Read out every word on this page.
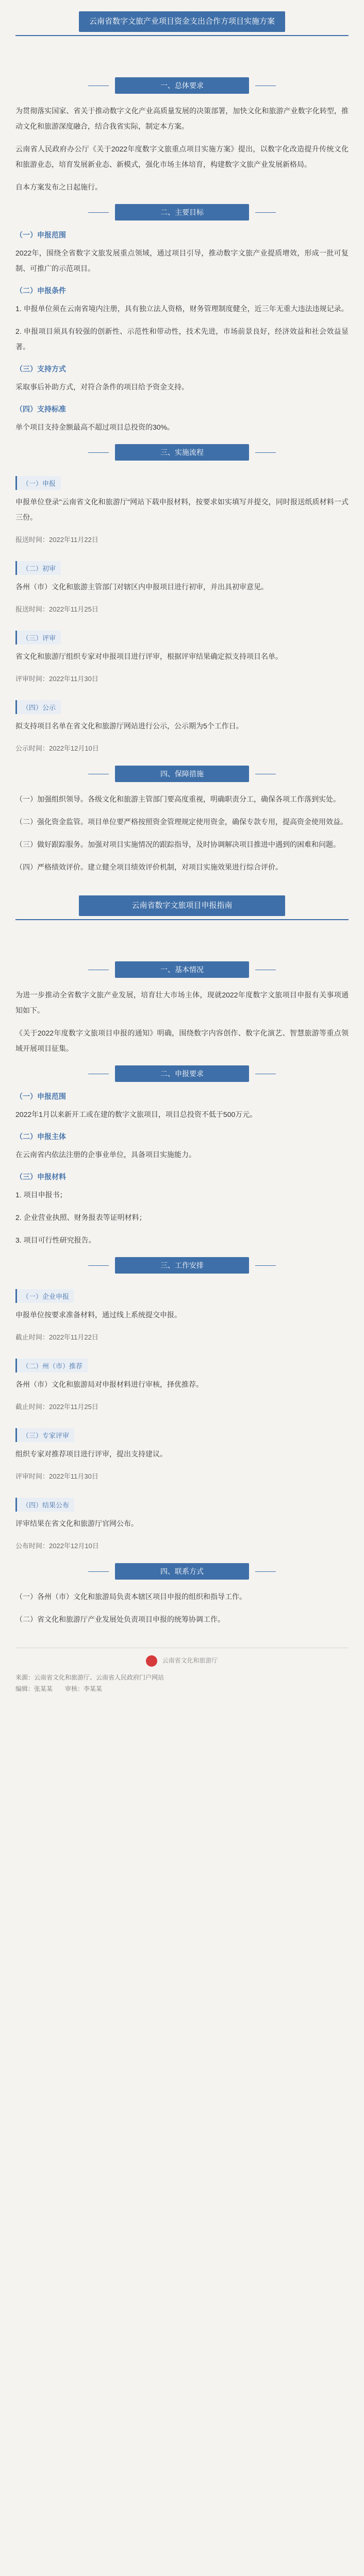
云南省数字文旅产业项目资金支出合作方项目实施方案
一、总体要求

为贯彻落实国家、省关于推动数字文化产业高质量发展的决策部署，加快文化和旅游产业数字化转型，推动文化和旅游深度融合，结合我省实际，制定本方案。

云南省人民政府办公厅《关于2022年度数字文旅重点项目实施方案》提出，以数字化改造提升传统文化和旅游业态，培育发展新业态、新模式，强化市场主体培育，构建数字文旅产业发展新格局。

自本方案发布之日起施行。

二、主要目标
（一）申报范围

2022年，围绕全省数字文旅发展重点领域，通过项目引导，推动数字文旅产业提质增效，形成一批可复制、可推广的示范项目。

（二）申报条件

1. 申报单位须在云南省境内注册，具有独立法人资格，财务管理制度健全，近三年无重大违法违规记录。

2. 申报项目须具有较强的创新性、示范性和带动性，技术先进，市场前景良好，经济效益和社会效益显著。

（三）支持方式

采取事后补助方式，对符合条件的项目给予资金支持。

（四）支持标准

单个项目支持金额最高不超过项目总投资的30%。

三、实施流程
（一）申报

申报单位登录"云南省文化和旅游厅"网站下载申报材料，按要求如实填写并提交，同时报送纸质材料一式三份。

报送时间：2022年11月22日

（二）初审

各州（市）文化和旅游主管部门对辖区内申报项目进行初审，并出具初审意见。

报送时间：2022年11月25日

（三）评审

省文化和旅游厅组织专家对申报项目进行评审，根据评审结果确定拟支持项目名单。

评审时间：2022年11月30日

（四）公示

拟支持项目名单在省文化和旅游厅网站进行公示，公示期为5个工作日。

公示时间：2022年12月10日

四、保障措施

（一）加强组织领导。各级文化和旅游主管部门要高度重视，明确职责分工，确保各项工作落到实处。

（二）强化资金监管。项目单位要严格按照资金管理规定使用资金，确保专款专用，提高资金使用效益。

（三）做好跟踪服务。加强对项目实施情况的跟踪指导，及时协调解决项目推进中遇到的困难和问题。

（四）严格绩效评价。建立健全项目绩效评价机制，对项目实施效果进行综合评价。

云南省数字文旅项目申报指南
一、基本情况

为进一步推动全省数字文旅产业发展，培育壮大市场主体，现就2022年度数字文旅项目申报有关事项通知如下。

《关于2022年度数字文旅项目申报的通知》明确，围绕数字内容创作、数字化演艺、智慧旅游等重点领域开展项目征集。

二、申报要求
（一）申报范围

2022年1月以来新开工或在建的数字文旅项目，项目总投资不低于500万元。

（二）申报主体

在云南省内依法注册的企事业单位，具备项目实施能力。

（三）申报材料

1. 项目申报书；

2. 企业营业执照、财务报表等证明材料；

3. 项目可行性研究报告。

三、工作安排
（一）企业申报

申报单位按要求准备材料，通过线上系统提交申报。

截止时间：2022年11月22日

（二）州（市）推荐

各州（市）文化和旅游局对申报材料进行审核，择优推荐。

截止时间：2022年11月25日

（三）专家评审

组织专家对推荐项目进行评审，提出支持建议。

评审时间：2022年11月30日

（四）结果公布

评审结果在省文化和旅游厅官网公布。

公布时间：2022年12月10日

四、联系方式

（一）各州（市）文化和旅游局负责本辖区项目申报的组织和指导工作。

（二）省文化和旅游厅产业发展处负责项目申报的统筹协调工作。

云南省文化和旅游厅
来源：云南省文化和旅游厅、云南省人民政府门户网站
编辑：张某某　　审核：李某某
